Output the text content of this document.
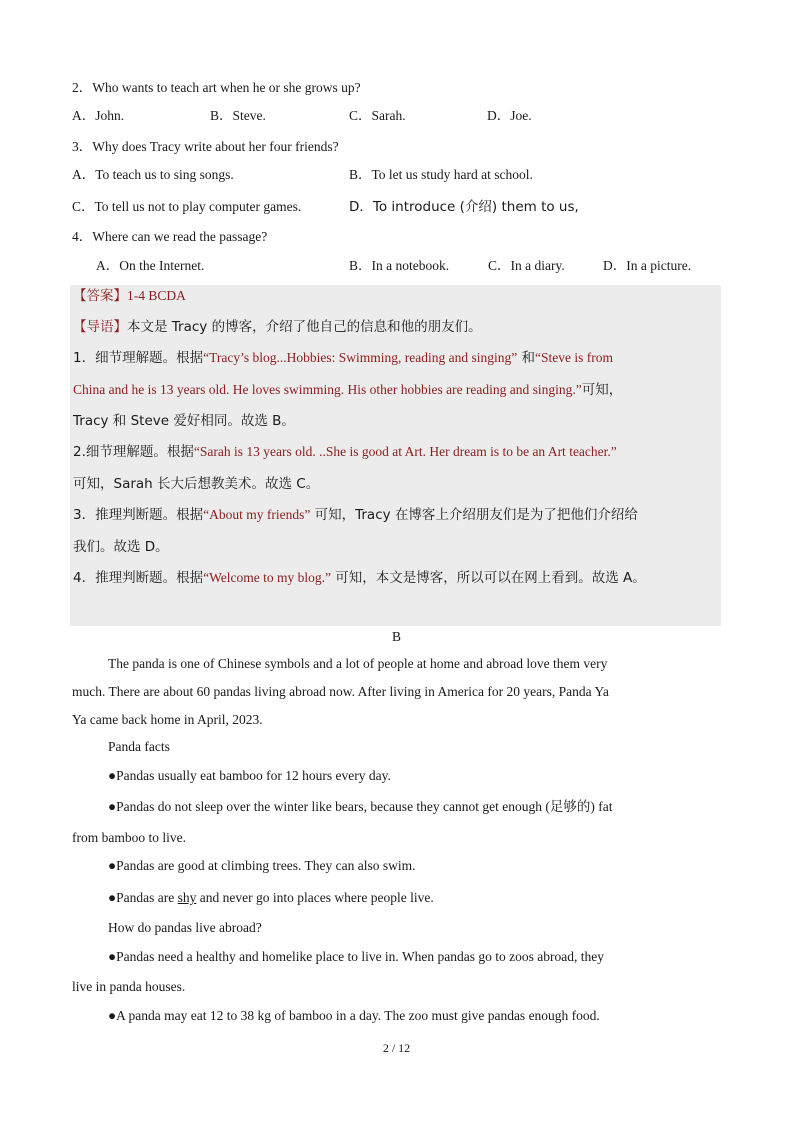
2．Who wants to teach art when he or she grows up?
A．John.	B．Steve.	C．Sarah.	D．Joe.
3．Why does Tracy write about her four friends?
A．To teach us to sing songs.	B．To let us study hard at school.
C．To tell us not to play computer games.	D．To introduce (介绍) them to us,
4．Where can we read the passage?
A．On the Internet.	B．In a notebook.	C．In a diary.	D．In a picture.
【答案】1-4 BCDA
【导语】本文是 Tracy 的博客，介绍了他自己的信息和他的朋友们。
1．细节理解题。根据“Tracy’s blog...Hobbies: Swimming, reading and singing” 和“Steve is from
China and he is 13 years old. He loves swimming. His other hobbies are reading and singing.”可知，
Tracy 和 Steve 爱好相同。故选 B。
2.细节理解题。根据“Sarah is 13 years old. ..She is good at Art. Her dream is to be an Art teacher.”
可知，Sarah 长大后想教美术。故选 C。
3．推理判断题。根据“About my friends” 可知，Tracy 在博客上介绍朋友们是为了把他们介绍给
我们。故选 D。
4．推理判断题。根据“Welcome to my blog.” 可知，本文是博客，所以可以在网上看到。故选 A。
B
The panda is one of Chinese symbols and a lot of people at home and abroad love them very
much. There are about 60 pandas living abroad now. After living in America for 20 years, Panda Ya
Ya came back home in April, 2023.
Panda facts
●Pandas usually eat bamboo for 12 hours every day.
●Pandas do not sleep over the winter like bears, because they cannot get enough (足够的) fat
from bamboo to live.
●Pandas are good at climbing trees. They can also swim.
●Pandas are shy and never go into places where people live.
How do pandas live abroad?
●Pandas need a healthy and homelike place to live in. When pandas go to zoos abroad, they
live in panda houses.
●A panda may eat 12 to 38 kg of bamboo in a day. The zoo must give pandas enough food.
2 / 12
